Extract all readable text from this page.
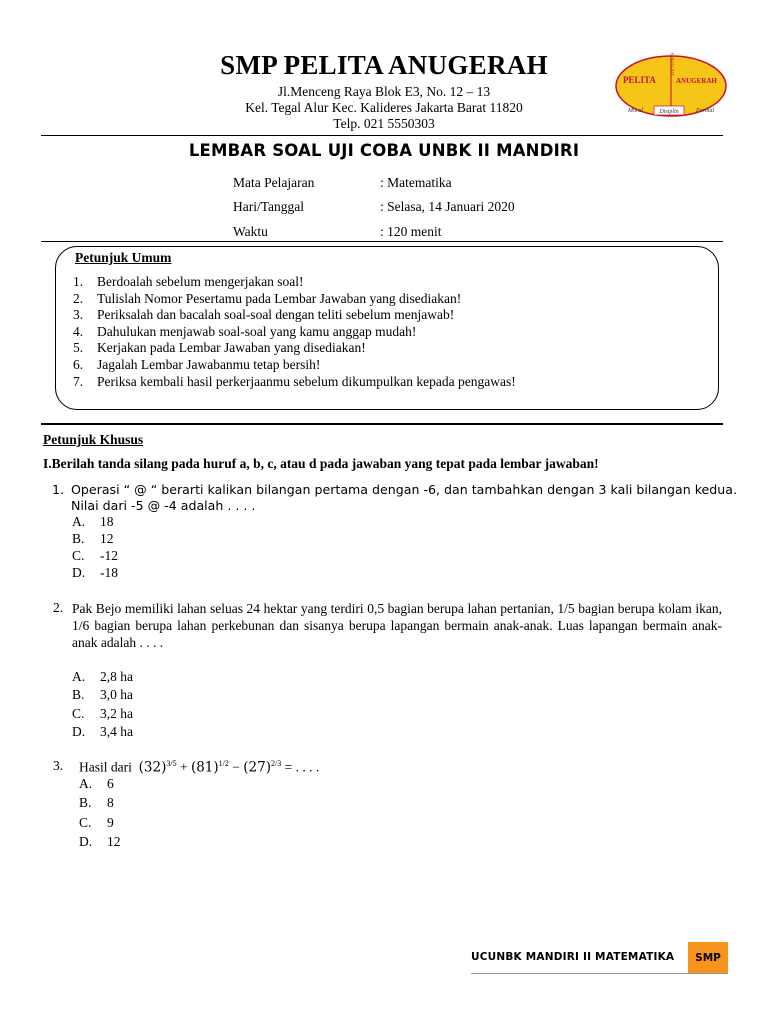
SMP PELITA ANUGERAH
Jl.Menceng Raya Blok E3, No. 12 – 13
Kel. Tegal Alur Kec. Kalideres Jakarta Barat 11820
Telp. 021 5550303
PELITA	ANUGERAH
SEKOLAH
Moral	Disiplin	Formal
LEMBAR SOAL UJI COBA UNBK II MANDIRI
Mata Pelajaran	: Matematika
Hari/Tanggal	: Selasa, 14 Januari 2020
Waktu	: 120 menit
Petunjuk Umum
1. Berdoalah sebelum mengerjakan soal!
2. Tulislah Nomor Pesertamu pada Lembar Jawaban yang disediakan!
3. Periksalah dan bacalah soal-soal dengan teliti sebelum menjawab!
4. Dahulukan menjawab soal-soal yang kamu anggap mudah!
5. Kerjakan pada Lembar Jawaban yang disediakan!
6. Jagalah Lembar Jawabanmu tetap bersih!
7. Periksa kembali hasil perkerjaanmu sebelum dikumpulkan kepada pengawas!
Petunjuk Khusus
I.Berilah tanda silang pada huruf a, b, c, atau d pada jawaban yang tepat pada lembar jawaban!
1. Operasi “ @ “ berarti kalikan bilangan pertama dengan -6, dan tambahkan dengan 3 kali bilangan kedua.
Nilai dari -5 @ -4 adalah . . . .
A. 18
B. 12
C. -12
D. -18
2. Pak Bejo memiliki lahan seluas 24 hektar yang terdiri 0,5 bagian berupa lahan pertanian, 1/5 bagian berupa kolam ikan, 1/6 bagian berupa lahan perkebunan dan sisanya berupa lapangan bermain anak-anak. Luas lapangan bermain anak-anak adalah . . . .
A. 2,8 ha
B. 3,0 ha
C. 3,2 ha
D. 3,4 ha
3. Hasil dari $(32)^{3/5} + (81)^{1/2} - (27)^{2/3}$ = . . . .
A. 6
B. 8
C. 9
D. 12
UCUNBK MANDIRI II MATEMATIKA	SMP
